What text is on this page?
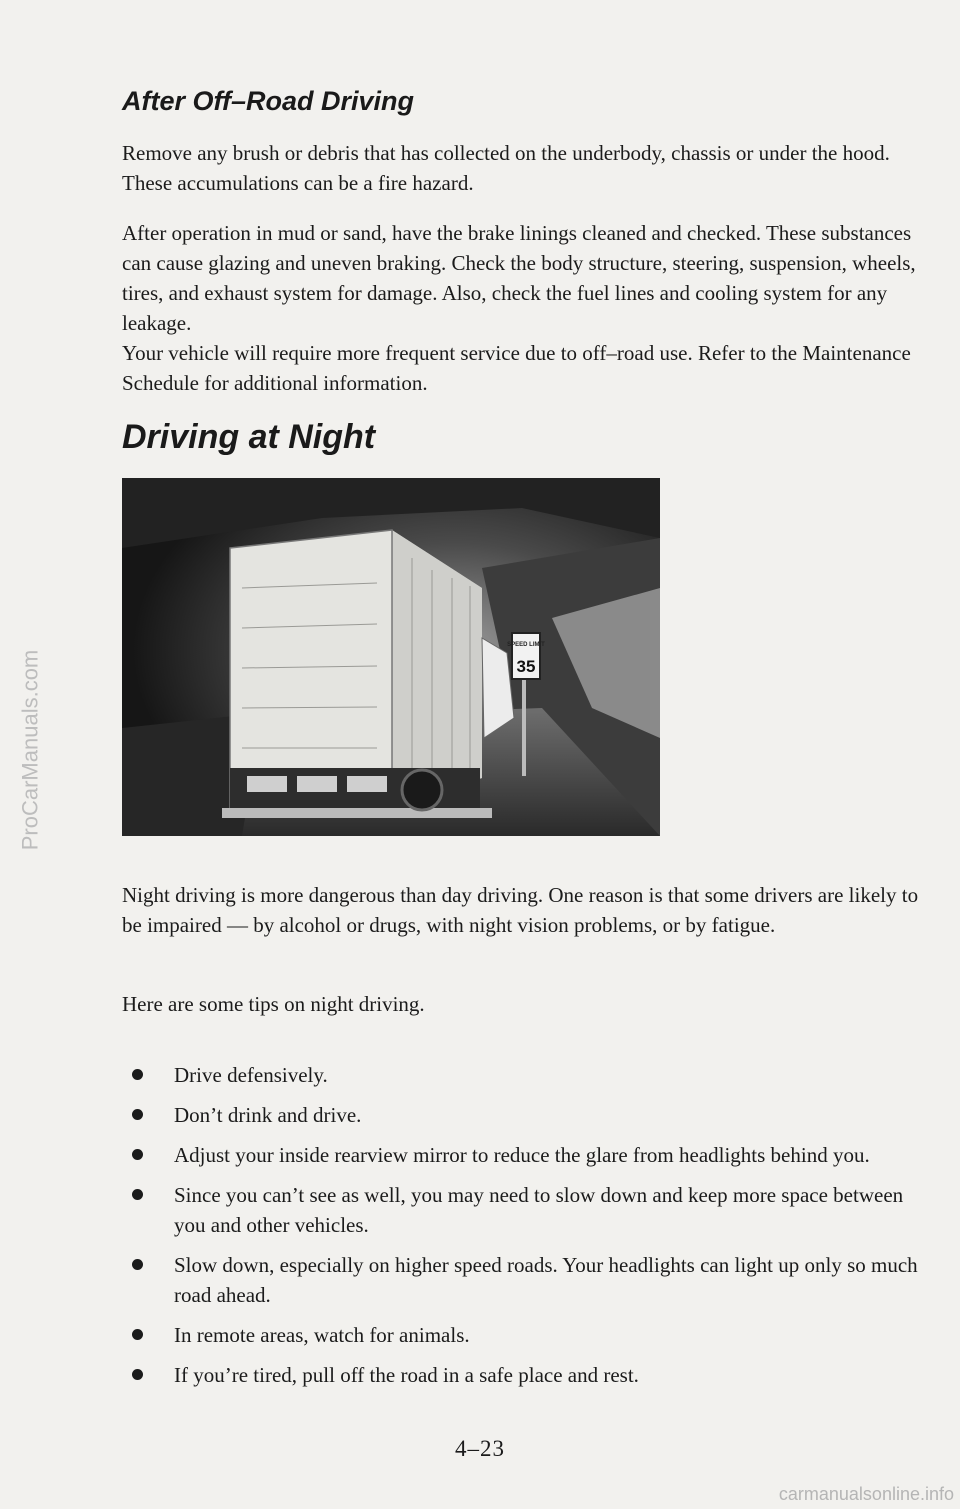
ProCarManuals.com
After Off–Road Driving

Remove any brush or debris that has collected on the underbody, chassis or under the hood. These accumulations can be a fire hazard.

After operation in mud or sand, have the brake linings cleaned and checked. These substances can cause glazing and uneven braking. Check the body structure, steering, suspension, wheels, tires, and exhaust system for damage. Also, check the fuel lines and cooling system for any leakage.

Your vehicle will require more frequent service due to off–road use. Refer to the Maintenance Schedule for additional information.

Driving at Night
SPEED LIMIT
35

Night driving is more dangerous than day driving. One reason is that some drivers are likely to be impaired — by alcohol or drugs, with night vision problems, or by fatigue.

Here are some tips on night driving.

Drive defensively.
Don’t drink and drive.
Adjust your inside rearview mirror to reduce the glare from headlights behind you.
Since you can’t see as well, you may need to slow down and keep more space between you and other vehicles.
Slow down, especially on higher speed roads. Your headlights can light up only so much road ahead.
In remote areas, watch for animals.
If you’re tired, pull off the road in a safe place and rest.
4–23
carmanualsonline.info
